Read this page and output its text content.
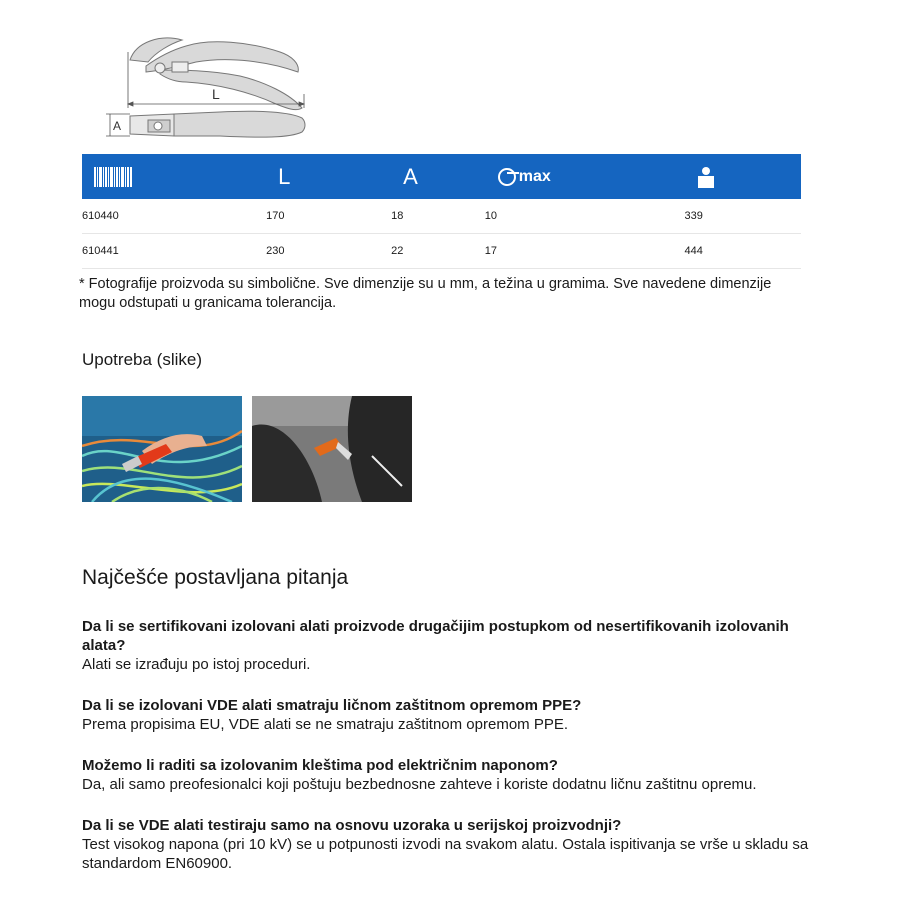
L
A
	L	A	max	
610440	170	18	10	339
610441	230	22	17	444
* Fotografije proizvoda su simbolične. Sve dimenzije su u mm, a težina u gramima. Sve navedene dimenzije mogu odstupati u granicama tolerancija.
Upotreba (slike)
Najčešće postavljana pitanja
Da li se sertifikovani izolovani alati proizvode drugačijim postupkom od nesertifikovanih izolovanih alata?
Alati se izrađuju po istoj proceduri.
Da li se izolovani VDE alati smatraju ličnom zaštitnom opremom PPE?
Prema propisima EU, VDE alati se ne smatraju zaštitnom opremom PPE.
Možemo li raditi sa izolovanim kleštima pod električnim naponom?
Da, ali samo preofesionalci koji poštuju bezbednosne zahteve i koriste dodatnu ličnu zaštitnu opremu.
Da li se VDE alati testiraju samo na osnovu uzoraka u serijskoj proizvodnji?
Test visokog napona (pri 10 kV) se u potpunosti izvodi na svakom alatu. Ostala ispitivanja se vrše u skladu sa standardom EN60900.
